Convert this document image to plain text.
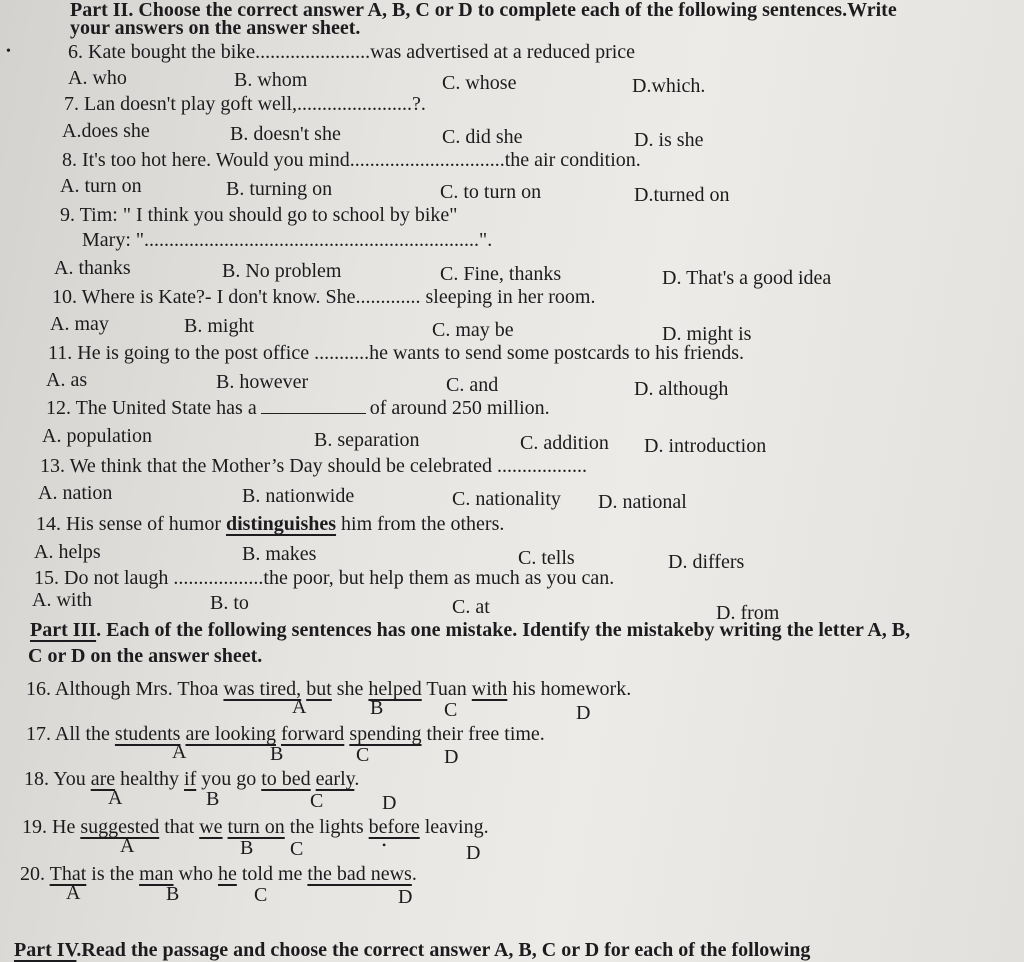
Part II. Choose the correct answer A, B, C or D to complete each of the following sentences.Write
your answers on the answer sheet.
•	6. Kate bought the bike.......................was advertised at a reduced price
A. who	B. whom	C. whose	D.which.
7. Lan doesn't play goft well,.......................?.
A.does she	B. doesn't she	C. did she	D. is she
8. It's too hot here. Would you mind...............................the air condition.
A. turn on	B. turning on	C. to turn on	D.turned on
9. Tim: " I think you should go to school by bike"
Mary: "...................................................................".
A. thanks	B. No problem	C. Fine, thanks	D. That's a good idea
10. Where is Kate?- I don't know. She............. sleeping in her room.
A. may	B. might	C. may be	D. might is
11. He is going to the post office ...........he wants to send some postcards to his friends.
A. as	B. however	C. and	D. although
12. The United State has a	of around 250 million.
A. population	B. separation	C. addition D. introduction
13. We think that the Mother’s Day should be celebrated ..................
A. nation	B. nationwide	C. nationality D. national
14. His sense of humor distinguishes him from the others.
A. helps	B. makes	C. tells	D. differs
15. Do not laugh ..................the poor, but help them as much as you can.
A. with	B. to	C. at	D. from
Part III. Each of the following sentences has one mistake. Identify the mistakeby writing the letter A, B,
C or D on the answer sheet.
16. Although Mrs. Thoa was tired, but she helped Tuan with his homework.
A	B	C	D
17. All the students are looking forward spending their free time.
A	B	C	D
18. You are healthy if you go to bed early.
A	B	C	D
19. He suggested that we turn on the lights before leaving.
A	B C	D
•
20. That is the man who he told me the bad news.
A	B	C	D
Part IV.Read the passage and choose the correct answer A, B, C or D for each of the following
